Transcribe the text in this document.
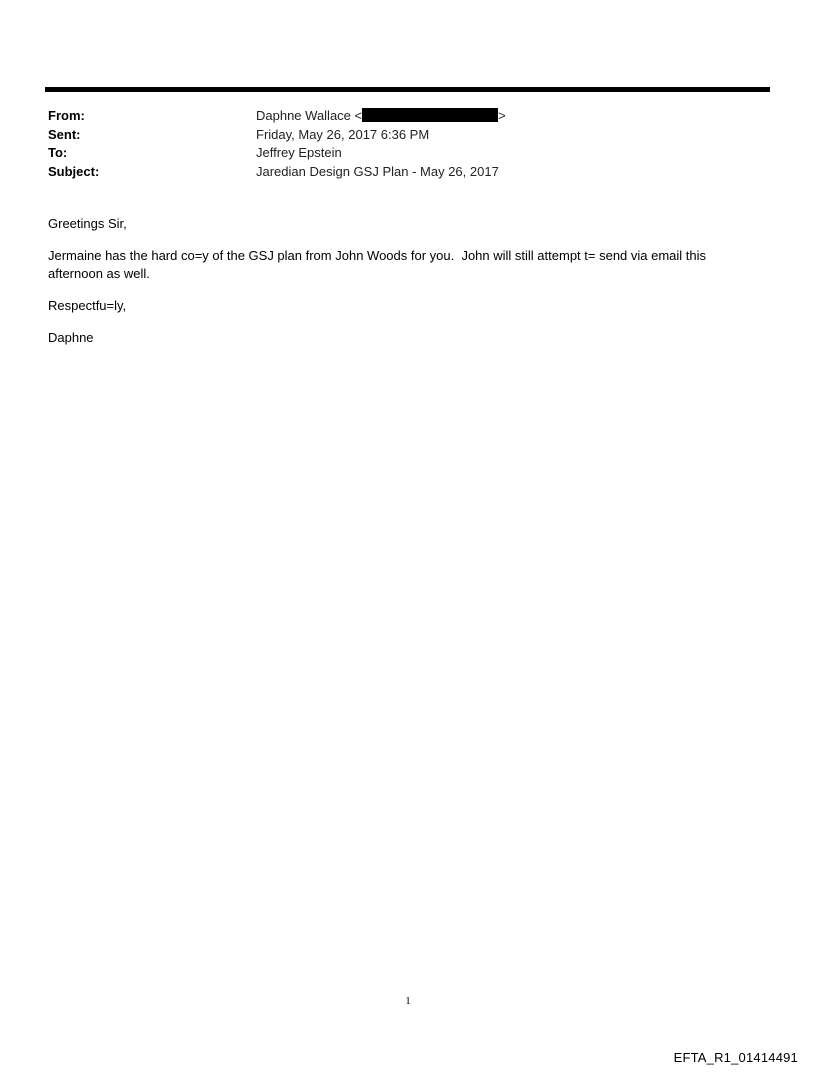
From:	Daphne Wallace <	>
Sent:	Friday, May 26, 2017 6:36 PM
To:	Jeffrey Epstein
Subject:	Jaredian Design GSJ Plan - May 26, 2017

Greetings Sir,

Jermaine has the hard co=y of the GSJ plan from John Woods for you.  John will still attempt t= send via email this afternoon as well.

Respectfu=ly,

Daphne

1
EFTA_R1_01414491
